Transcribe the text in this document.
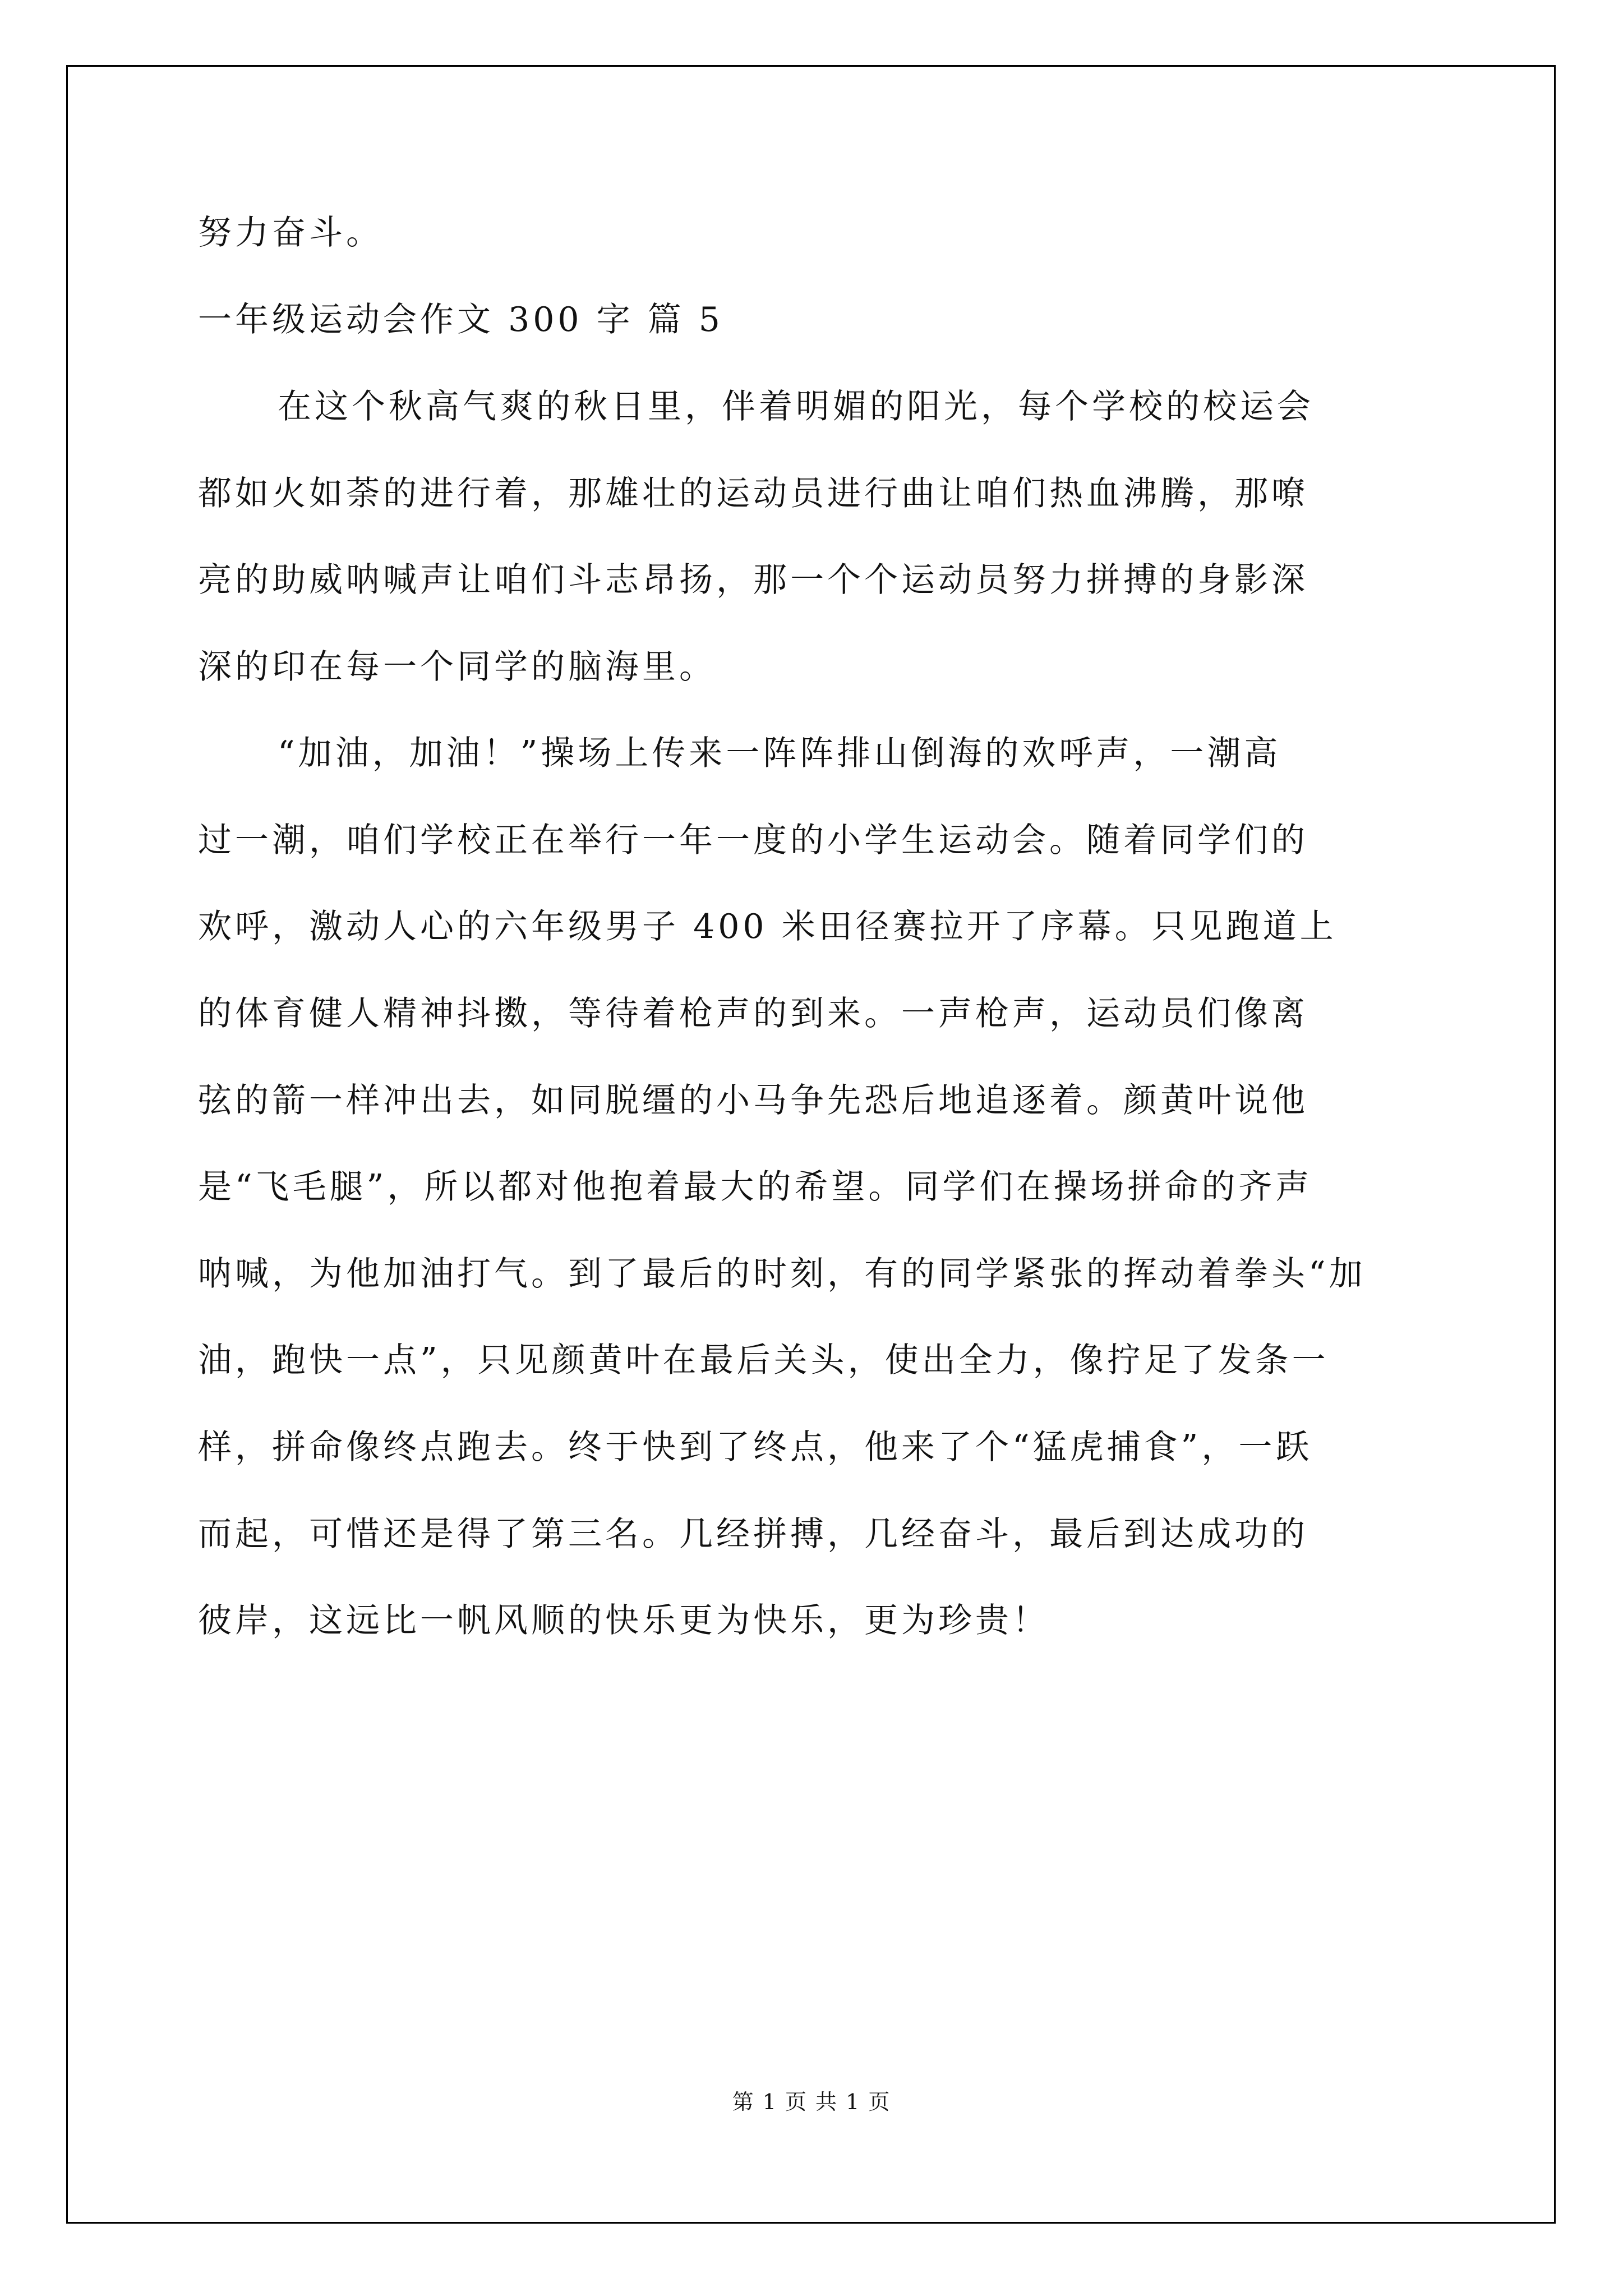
努力奋斗。
一年级运动会作文 300 字 篇 5
在这个秋高气爽的秋日里，伴着明媚的阳光，每个学校的校运会
都如火如荼的进行着，那雄壮的运动员进行曲让咱们热血沸腾，那嘹
亮的助威呐喊声让咱们斗志昂扬，那一个个运动员努力拼搏的身影深
深的印在每一个同学的脑海里。
“加油，加油！”操场上传来一阵阵排山倒海的欢呼声，一潮高
过一潮，咱们学校正在举行一年一度的小学生运动会。随着同学们的
欢呼，激动人心的六年级男子 400 米田径赛拉开了序幕。只见跑道上
的体育健人精神抖擞，等待着枪声的到来。一声枪声，运动员们像离
弦的箭一样冲出去，如同脱缰的小马争先恐后地追逐着。颜黄叶说他
是“飞毛腿”，所以都对他抱着最大的希望。同学们在操场拼命的齐声
呐喊，为他加油打气。到了最后的时刻，有的同学紧张的挥动着拳头“加
油，跑快一点”，只见颜黄叶在最后关头，使出全力，像拧足了发条一
样，拼命像终点跑去。终于快到了终点，他来了个“猛虎捕食”，一跃
而起，可惜还是得了第三名。几经拼搏，几经奋斗，最后到达成功的
彼岸，这远比一帆风顺的快乐更为快乐，更为珍贵！
第 1 页 共 1 页
